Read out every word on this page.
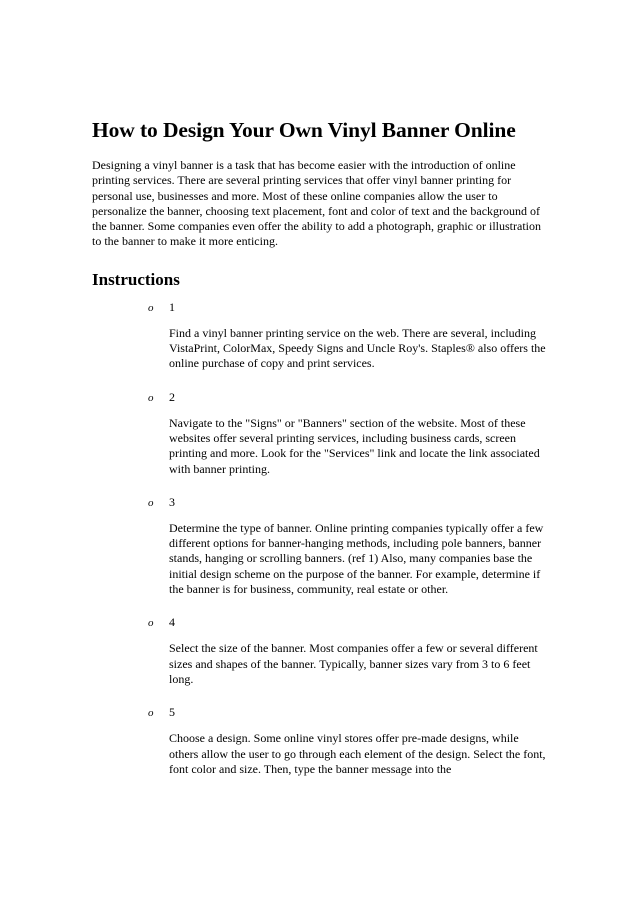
How to Design Your Own Vinyl Banner Online

Designing a vinyl banner is a task that has become easier with the introduction of online printing services. There are several printing services that offer vinyl banner printing for personal use, businesses and more. Most of these online companies allow the user to personalize the banner, choosing text placement, font and color of text and the background of the banner. Some companies even offer the ability to add a photograph, graphic or illustration to the banner to make it more enticing.

Instructions
o 1
Find a vinyl banner printing service on the web. There are several, including VistaPrint, ColorMax, Speedy Signs and Uncle Roy's. Staples® also offers the online purchase of copy and print services.
o 2
Navigate to the "Signs" or "Banners" section of the website. Most of these websites offer several printing services, including business cards, screen printing and more. Look for the "Services" link and locate the link associated with banner printing.
o 3
Determine the type of banner. Online printing companies typically offer a few different options for banner-hanging methods, including pole banners, banner stands, hanging or scrolling banners. (ref 1) Also, many companies base the initial design scheme on the purpose of the banner. For example, determine if the banner is for business, community, real estate or other.
o 4
Select the size of the banner. Most companies offer a few or several different sizes and shapes of the banner. Typically, banner sizes vary from 3 to 6 feet long.
o 5
Choose a design. Some online vinyl stores offer pre-made designs, while others allow the user to go through each element of the design. Select the font, font color and size. Then, type the banner message into the
